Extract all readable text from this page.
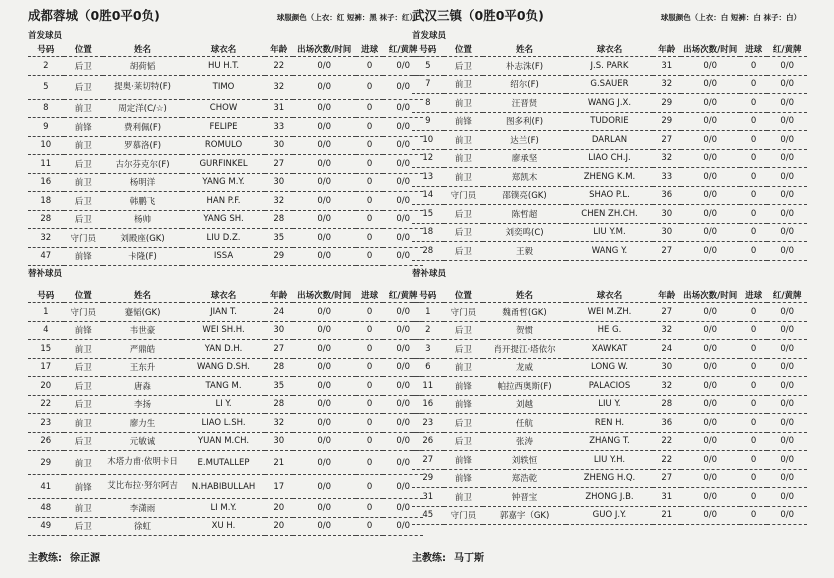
成都蓉城（0胜0平0负)	球服颜色（上衣：红 短裤：黑 袜子：红）
首发球员
号码	位置	姓名	球衣名	年龄	出场次数/时间	进球	红/黄牌
2	后卫	胡荷韬	HU H.T.	22	0/0	0	0/0
5	后卫	提奥·莱切特(F)	TIMO	32	0/0	0	0/0
8	前卫	周定洋(C/☆)	CHOW	31	0/0	0	0/0
9	前锋	费利佩(F)	FELIPE	33	0/0	0	0/0
10	前卫	罗慕洛(F)	ROMULO	30	0/0	0	0/0
11	后卫	古尔芬克尔(F)	GURFINKEL	27	0/0	0	0/0
16	前卫	杨明洋	YANG M.Y.	30	0/0	0	0/0
18	后卫	韩鹏飞	HAN P.F.	32	0/0	0	0/0
28	后卫	杨帅	YANG SH.	28	0/0	0	0/0
32	守门员	刘殿座(GK)	LIU D.Z.	35	0/0	0	0/0
47	前锋	卡隆(F)	ISSA	29	0/0	0	0/0
替补球员
号码	位置	姓名	球衣名	年龄	出场次数/时间	进球	红/黄牌
1	守门员	蹇韬(GK)	JIAN T.	24	0/0	0	0/0
4	前锋	韦世豪	WEI SH.H.	30	0/0	0	0/0
15	前卫	严鼎皓	YAN D.H.	27	0/0	0	0/0
17	后卫	王东升	WANG D.SH.	28	0/0	0	0/0
20	后卫	唐淼	TANG M.	35	0/0	0	0/0
22	后卫	李扬	LI Y.	28	0/0	0	0/0
23	前卫	廖力生	LIAO L.SH.	32	0/0	0	0/0
26	后卫	元敏诚	YUAN M.CH.	30	0/0	0	0/0
29	前卫	木塔力甫·依明卡日	E.MUTALLEP	21	0/0	0	0/0
41	前锋	艾比布拉·努尔阿吉	N.HABIBULLAH	17	0/0	0	0/0
48	前卫	李潇雨	LI M.Y.	20	0/0	0	0/0
49	后卫	徐虹	XU H.	20	0/0	0	0/0
主教练: 徐正源
武汉三镇（0胜0平0负)	球服颜色（上衣：白 短裤：白 袜子：白）
首发球员
号码	位置	姓名	球衣名	年龄	出场次数/时间	进球	红/黄牌
5	后卫	朴志洙(F)	J.S. PARK	31	0/0	0	0/0
7	前卫	绍尔(F)	G.SAUER	32	0/0	0	0/0
8	前卫	汪晋贤	WANG J.X.	29	0/0	0	0/0
9	前锋	图多利(F)	TUDORIE	29	0/0	0	0/0
10	前卫	达兰(F)	DARLAN	27	0/0	0	0/0
12	前卫	廖承坚	LIAO CH.J.	32	0/0	0	0/0
13	前卫	郑凯木	ZHENG K.M.	33	0/0	0	0/0
14	守门员	邵镤亮(GK)	SHAO P.L.	36	0/0	0	0/0
15	后卫	陈哲超	CHEN ZH.CH.	30	0/0	0	0/0
18	后卫	刘奕鸣(C)	LIU Y.M.	30	0/0	0	0/0
28	后卫	王毅	WANG Y.	27	0/0	0	0/0
替补球员
号码	位置	姓名	球衣名	年龄	出场次数/时间	进球	红/黄牌
1	守门员	魏甬哲(GK)	WEI M.ZH.	27	0/0	0	0/0
2	后卫	贺惯	HE G.	32	0/0	0	0/0
3	后卫	肖开提江·塔依尔	XAWKAT	24	0/0	0	0/0
6	前卫	龙威	LONG W.	30	0/0	0	0/0
11	前锋	帕拉西奥斯(F)	PALACIOS	32	0/0	0	0/0
16	前锋	刘越	LIU Y.	28	0/0	0	0/0
23	后卫	任航	REN H.	36	0/0	0	0/0
26	后卫	张涛	ZHANG T.	22	0/0	0	0/0
27	前锋	刘轶恒	LIU Y.H.	22	0/0	0	0/0
29	前锋	郑浩乾	ZHENG H.Q.	27	0/0	0	0/0
31	前卫	钟晋宝	ZHONG J.B.	31	0/0	0	0/0
45	守门员	郭嘉宇（GK)	GUO J.Y.	21	0/0	0	0/0
主教练: 马丁斯
